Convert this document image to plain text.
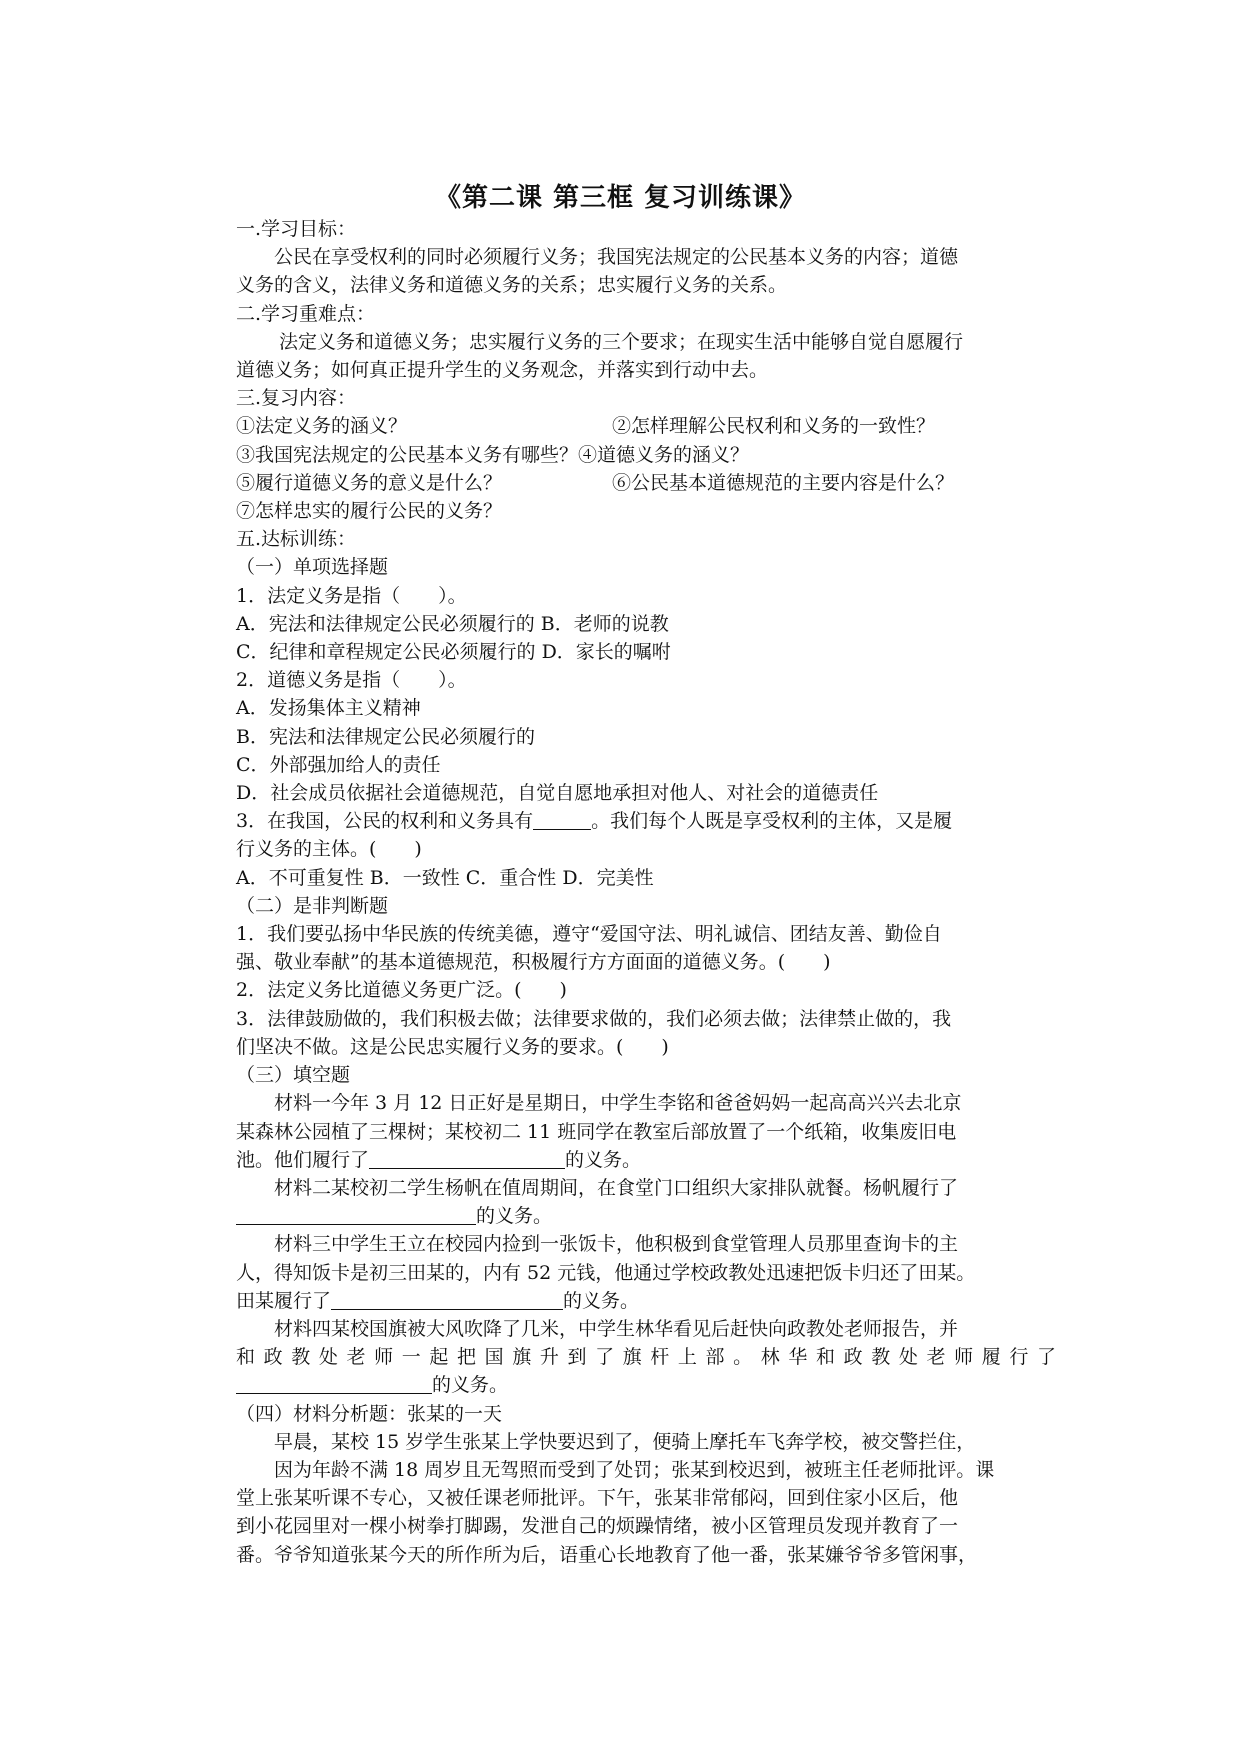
《第二课 第三框 复习训练课》

一.学习目标：

公民在享受权利的同时必须履行义务；我国宪法规定的公民基本义务的内容；道德

义务的含义，法律义务和道德义务的关系；忠实履行义务的关系。

二.学习重难点：

法定义务和道德义务；忠实履行义务的三个要求；在现实生活中能够自觉自愿履行

道德义务；如何真正提升学生的义务观念，并落实到行动中去。

三.复习内容：

①法定义务的涵义？	②怎样理解公民权利和义务的一致性？

③我国宪法规定的公民基本义务有哪些？④道德义务的涵义？

⑤履行道德义务的意义是什么？	⑥公民基本道德规范的主要内容是什么？

⑦怎样忠实的履行公民的义务？

五.达标训练：

（一）单项选择题

1．法定义务是指（　　）。

A．宪法和法律规定公民必须履行的 B．老师的说教

C．纪律和章程规定公民必须履行的 D．家长的嘱咐

2．道德义务是指（　　）。

A．发扬集体主义精神

B．宪法和法律规定公民必须履行的

C．外部强加给人的责任

D．社会成员依据社会道德规范，自觉自愿地承担对他人、对社会的道德责任

3．在我国，公民的权利和义务具有	。我们每个人既是享受权利的主体，又是履

行义务的主体。(　　)

A．不可重复性 B．一致性 C．重合性 D．完美性

（二）是非判断题

1．我们要弘扬中华民族的传统美德，遵守“爱国守法、明礼诚信、团结友善、勤俭自

强、敬业奉献”的基本道德规范，积极履行方方面面的道德义务。(　　)

2．法定义务比道德义务更广泛。(　　)

3．法律鼓励做的，我们积极去做；法律要求做的，我们必须去做；法律禁止做的，我

们坚决不做。这是公民忠实履行义务的要求。(　　)

（三）填空题

材料一今年 3 月 12 日正好是星期日，中学生李铭和爸爸妈妈一起高高兴兴去北京

某森林公园植了三棵树；某校初二 11 班同学在教室后部放置了一个纸箱，收集废旧电

池。他们履行了	的义务。

材料二某校初二学生杨帆在值周期间，在食堂门口组织大家排队就餐。杨帆履行了

的义务。

材料三中学生王立在校园内捡到一张饭卡，他积极到食堂管理人员那里查询卡的主

人，得知饭卡是初三田某的，内有 52 元钱，他通过学校政教处迅速把饭卡归还了田某。

田某履行了	的义务。

材料四某校国旗被大风吹降了几米，中学生林华看见后赶快向政教处老师报告，并

和 政 教 处 老 师 一 起 把 国 旗 升 到 了 旗 杆 上 部 。 林 华 和 政 教 处 老 师 履 行 了

的义务。

（四）材料分析题：张某的一天

早晨，某校 15 岁学生张某上学快要迟到了，便骑上摩托车飞奔学校，被交警拦住，

因为年龄不满 18 周岁且无驾照而受到了处罚；张某到校迟到，被班主任老师批评。课

堂上张某听课不专心，又被任课老师批评。下午，张某非常郁闷，回到住家小区后，他

到小花园里对一棵小树拳打脚踢，发泄自己的烦躁情绪，被小区管理员发现并教育了一

番。爷爷知道张某今天的所作所为后，语重心长地教育了他一番，张某嫌爷爷多管闲事，
